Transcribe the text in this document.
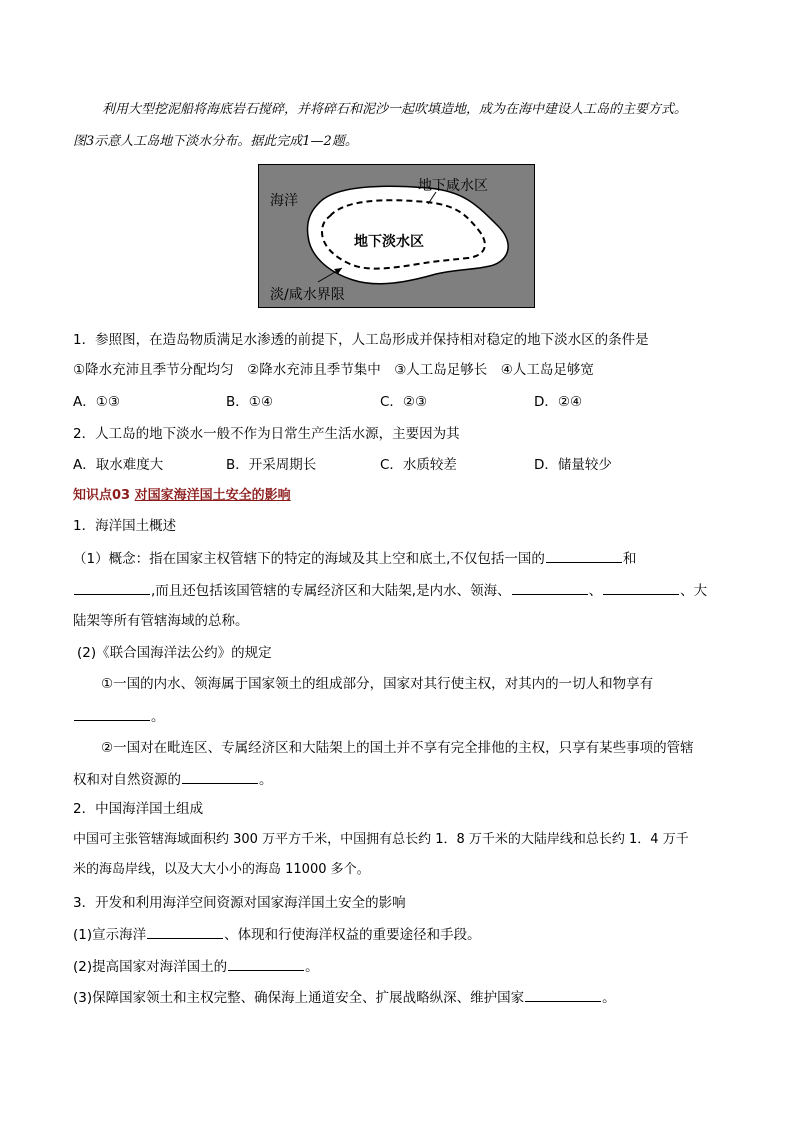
利用大型挖泥船将海底岩石搅碎，并将碎石和泥沙一起吹填造地，成为在海中建设人工岛的主要方式。
图3示意人工岛地下淡水分布。据此完成1—2题。
海洋
地下咸水区
地下淡水区
淡/咸水界限
1．参照图，在造岛物质满足水渗透的前提下，人工岛形成并保持相对稳定的地下淡水区的条件是
①降水充沛且季节分配均匀　②降水充沛且季节集中　③人工岛足够长　④人工岛足够宽
A．①③	B．①④	C．②③	D．②④
2．人工岛的地下淡水一般不作为日常生产生活水源，主要因为其
A．取水难度大	B．开采周期长	C．水质较差	D．储量较少
知识点03 对国家海洋国土安全的影响
1．海洋国土概述
（1）概念：指在国家主权管辖下的特定的海域及其上空和底土,不仅包括一国的	和
,而且还包括该国管辖的专属经济区和大陆架,是内水、领海、	、	、大
陆架等所有管辖海域的总称。
(2)《联合国海洋法公约》的规定
①一国的内水、领海属于国家领土的组成部分，国家对其行使主权，对其内的一切人和物享有
。
②一国对在毗连区、专属经济区和大陆架上的国土并不享有完全排他的主权，只享有某些事项的管辖
权和对自然资源的	。
2．中国海洋国土组成
中国可主张管辖海域面积约 300 万平方千米，中国拥有总长约 1．8 万千米的大陆岸线和总长约 1．4 万千
米的海岛岸线，以及大大小小的海岛 11000 多个。
3．开发和利用海洋空间资源对国家海洋国土安全的影响
(1)宣示海洋	、体现和行使海洋权益的重要途径和手段。
(2)提高国家对海洋国土的	。
(3)保障国家领土和主权完整、确保海上通道安全、扩展战略纵深、维护国家	。
